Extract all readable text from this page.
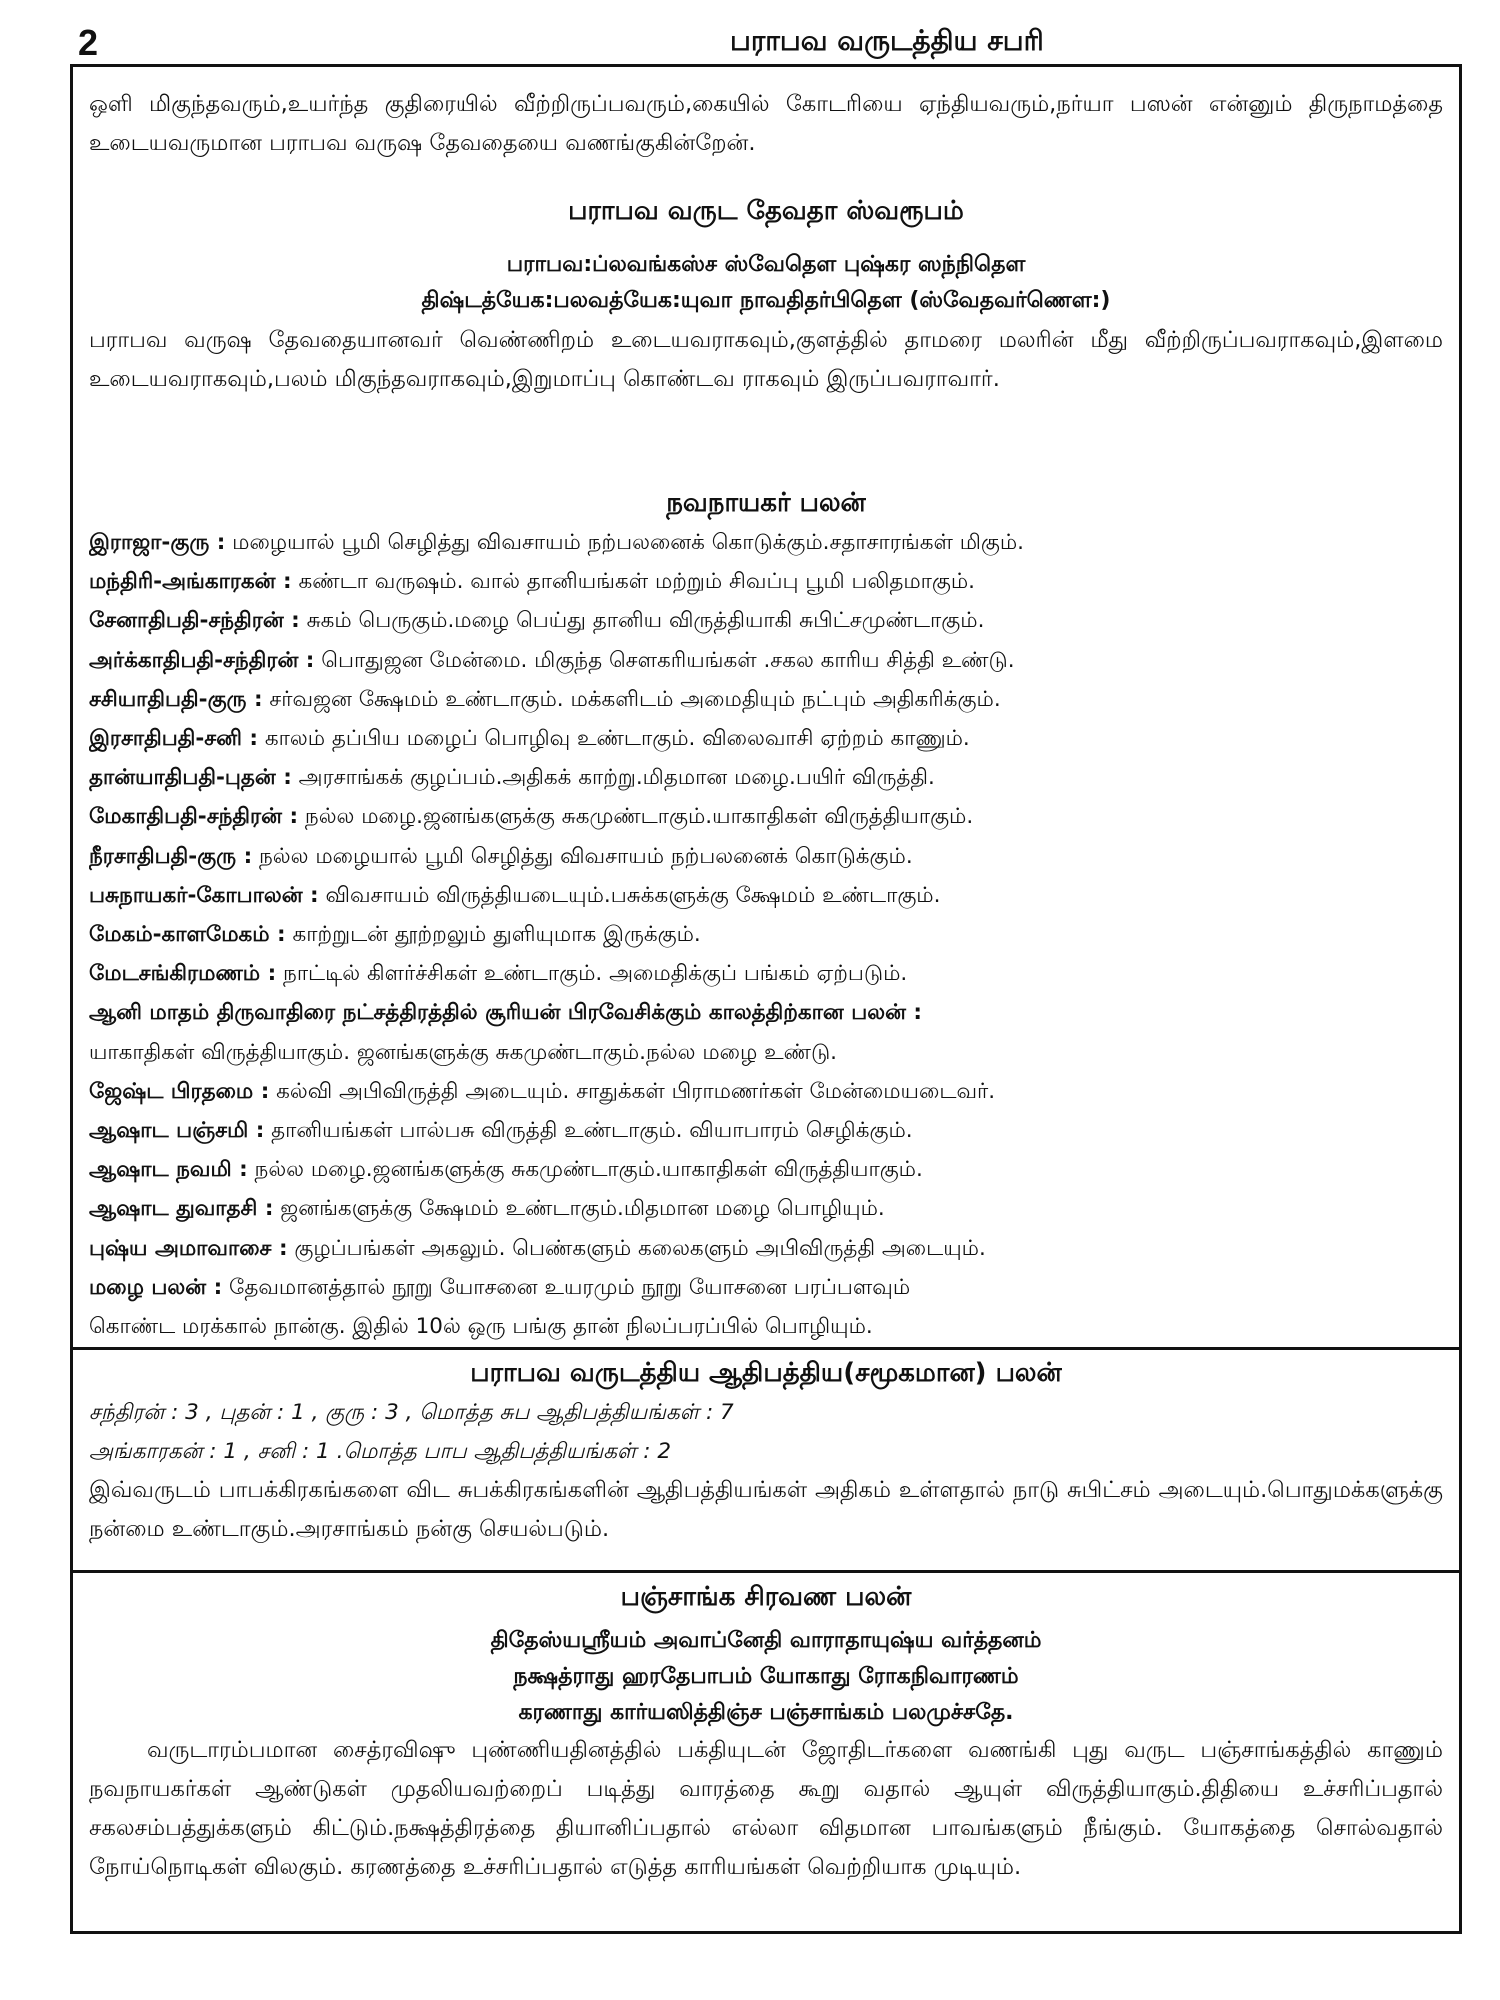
2	பராபவ வருடத்திய சபரி

ஒளி மிகுந்தவரும்,உயர்ந்த குதிரையில் வீற்றிருப்பவரும்,கையில் கோடரியை ஏந்தியவரும்,நர்யா பஸன் என்னும் திருநாமத்தை உடையவருமான பராபவ வருஷ தேவதையை வணங்குகின்றேன்.

பராபவ வருட தேவதா ஸ்வரூபம்

பராபவ:ப்லவங்கஸ்ச ஸ்வேதௌ புஷ்கர ஸந்நிதௌ

திஷ்டத்யேக:பலவத்யேக:யுவா நாவதிதர்பிதௌ (ஸ்வேதவர்ணௌ:)

பராபவ வருஷ தேவதையானவர் வெண்ணிறம் உடையவராகவும்,குளத்தில் தாமரை மலரின் மீது வீற்றிருப்பவராகவும்,இளமை உடையவராகவும்,பலம் மிகுந்தவராகவும்,இறுமாப்பு கொண்டவ ராகவும் இருப்பவராவார்.

நவநாயகர் பலன்

இராஜா-குரு : மழையால் பூமி செழித்து விவசாயம் நற்பலனைக் கொடுக்கும்.சதாசாரங்கள் மிகும்.

மந்திரி-அங்காரகன் : கண்டா வருஷம். வால் தானியங்கள் மற்றும் சிவப்பு பூமி பலிதமாகும்.

சேனாதிபதி-சந்திரன் : சுகம் பெருகும்.மழை பெய்து தானிய விருத்தியாகி சுபிட்சமுண்டாகும்.

அர்க்காதிபதி-சந்திரன் : பொதுஜன மேன்மை. மிகுந்த சௌகரியங்கள் .சகல காரிய சித்தி உண்டு.

சசியாதிபதி-குரு : சர்வஜன க்ஷேமம் உண்டாகும். மக்களிடம் அமைதியும் நட்பும் அதிகரிக்கும்.

இரசாதிபதி-சனி : காலம் தப்பிய மழைப் பொழிவு உண்டாகும். விலைவாசி ஏற்றம் காணும்.

தான்யாதிபதி-புதன் : அரசாங்கக் குழப்பம்.அதிகக் காற்று.மிதமான மழை.பயிர் விருத்தி.

மேகாதிபதி-சந்திரன் : நல்ல மழை.ஜனங்களுக்கு சுகமுண்டாகும்.யாகாதிகள் விருத்தியாகும்.

நீரசாதிபதி-குரு : நல்ல மழையால் பூமி செழித்து விவசாயம் நற்பலனைக் கொடுக்கும்.

பசுநாயகர்-கோபாலன் : விவசாயம் விருத்தியடையும்.பசுக்களுக்கு க்ஷேமம் உண்டாகும்.

மேகம்-காளமேகம் : காற்றுடன் தூற்றலும் துளியுமாக இருக்கும்.

மேடசங்கிரமணம் : நாட்டில் கிளர்ச்சிகள் உண்டாகும். அமைதிக்குப் பங்கம் ஏற்படும்.

ஆனி மாதம் திருவாதிரை நட்சத்திரத்தில் சூரியன் பிரவேசிக்கும் காலத்திற்கான பலன் :

யாகாதிகள் விருத்தியாகும். ஜனங்களுக்கு சுகமுண்டாகும்.நல்ல மழை உண்டு.

ஜேஷ்ட பிரதமை : கல்வி அபிவிருத்தி அடையும். சாதுக்கள் பிராமணர்கள் மேன்மையடைவர்.

ஆஷாட பஞ்சமி : தானியங்கள் பால்பசு விருத்தி உண்டாகும். வியாபாரம் செழிக்கும்.

ஆஷாட நவமி : நல்ல மழை.ஜனங்களுக்கு சுகமுண்டாகும்.யாகாதிகள் விருத்தியாகும்.

ஆஷாட துவாதசி : ஜனங்களுக்கு க்ஷேமம் உண்டாகும்.மிதமான மழை பொழியும்.

புஷ்ய அமாவாசை : குழப்பங்கள் அகலும். பெண்களும் கலைகளும் அபிவிருத்தி அடையும்.

மழை பலன் : தேவமானத்தால் நூறு யோசனை உயரமும் நூறு யோசனை பரப்பளவும்

கொண்ட மரக்கால் நான்கு. இதில் 10ல் ஒரு பங்கு தான் நிலப்பரப்பில் பொழியும்.

பராபவ வருடத்திய ஆதிபத்திய(சமூகமான) பலன்

சந்திரன் : 3 , புதன் : 1 , குரு : 3 , மொத்த சுப ஆதிபத்தியங்கள் : 7

அங்காரகன் : 1 , சனி : 1 .மொத்த பாப ஆதிபத்தியங்கள் : 2

இவ்வருடம் பாபக்கிரகங்களை விட சுபக்கிரகங்களின் ஆதிபத்தியங்கள் அதிகம் உள்ளதால் நாடு சுபிட்சம் அடையும்.பொதுமக்களுக்கு நன்மை உண்டாகும்.அரசாங்கம் நன்கு செயல்படும்.

பஞ்சாங்க சிரவண பலன்

திதேஸ்யஸ்ரீயம் அவாப்னேதி வாராதாயுஷ்ய வர்த்தனம்

நக்ஷத்ராது ஹரதேபாபம் யோகாது ரோகநிவாரணம்

கரணாது கார்யஸித்திஞ்ச பஞ்சாங்கம் பலமுச்சதே.

வருடாரம்பமான சைத்ரவிஷு புண்ணியதினத்தில் பக்தியுடன் ஜோதிடர்களை வணங்கி புது வருட பஞ்சாங்கத்தில் காணும் நவநாயகர்கள் ஆண்டுகள் முதலியவற்றைப் படித்து வாரத்தை கூறு வதால் ஆயுள் விருத்தியாகும்.திதியை உச்சரிப்பதால் சகலசம்பத்துக்களும் கிட்டும்.நக்ஷத்திரத்தை தியானிப்பதால் எல்லா விதமான பாவங்களும் நீங்கும். யோகத்தை சொல்வதால் நோய்நொடிகள் விலகும். கரணத்தை உச்சரிப்பதால் எடுத்த காரியங்கள் வெற்றியாக முடியும்.
